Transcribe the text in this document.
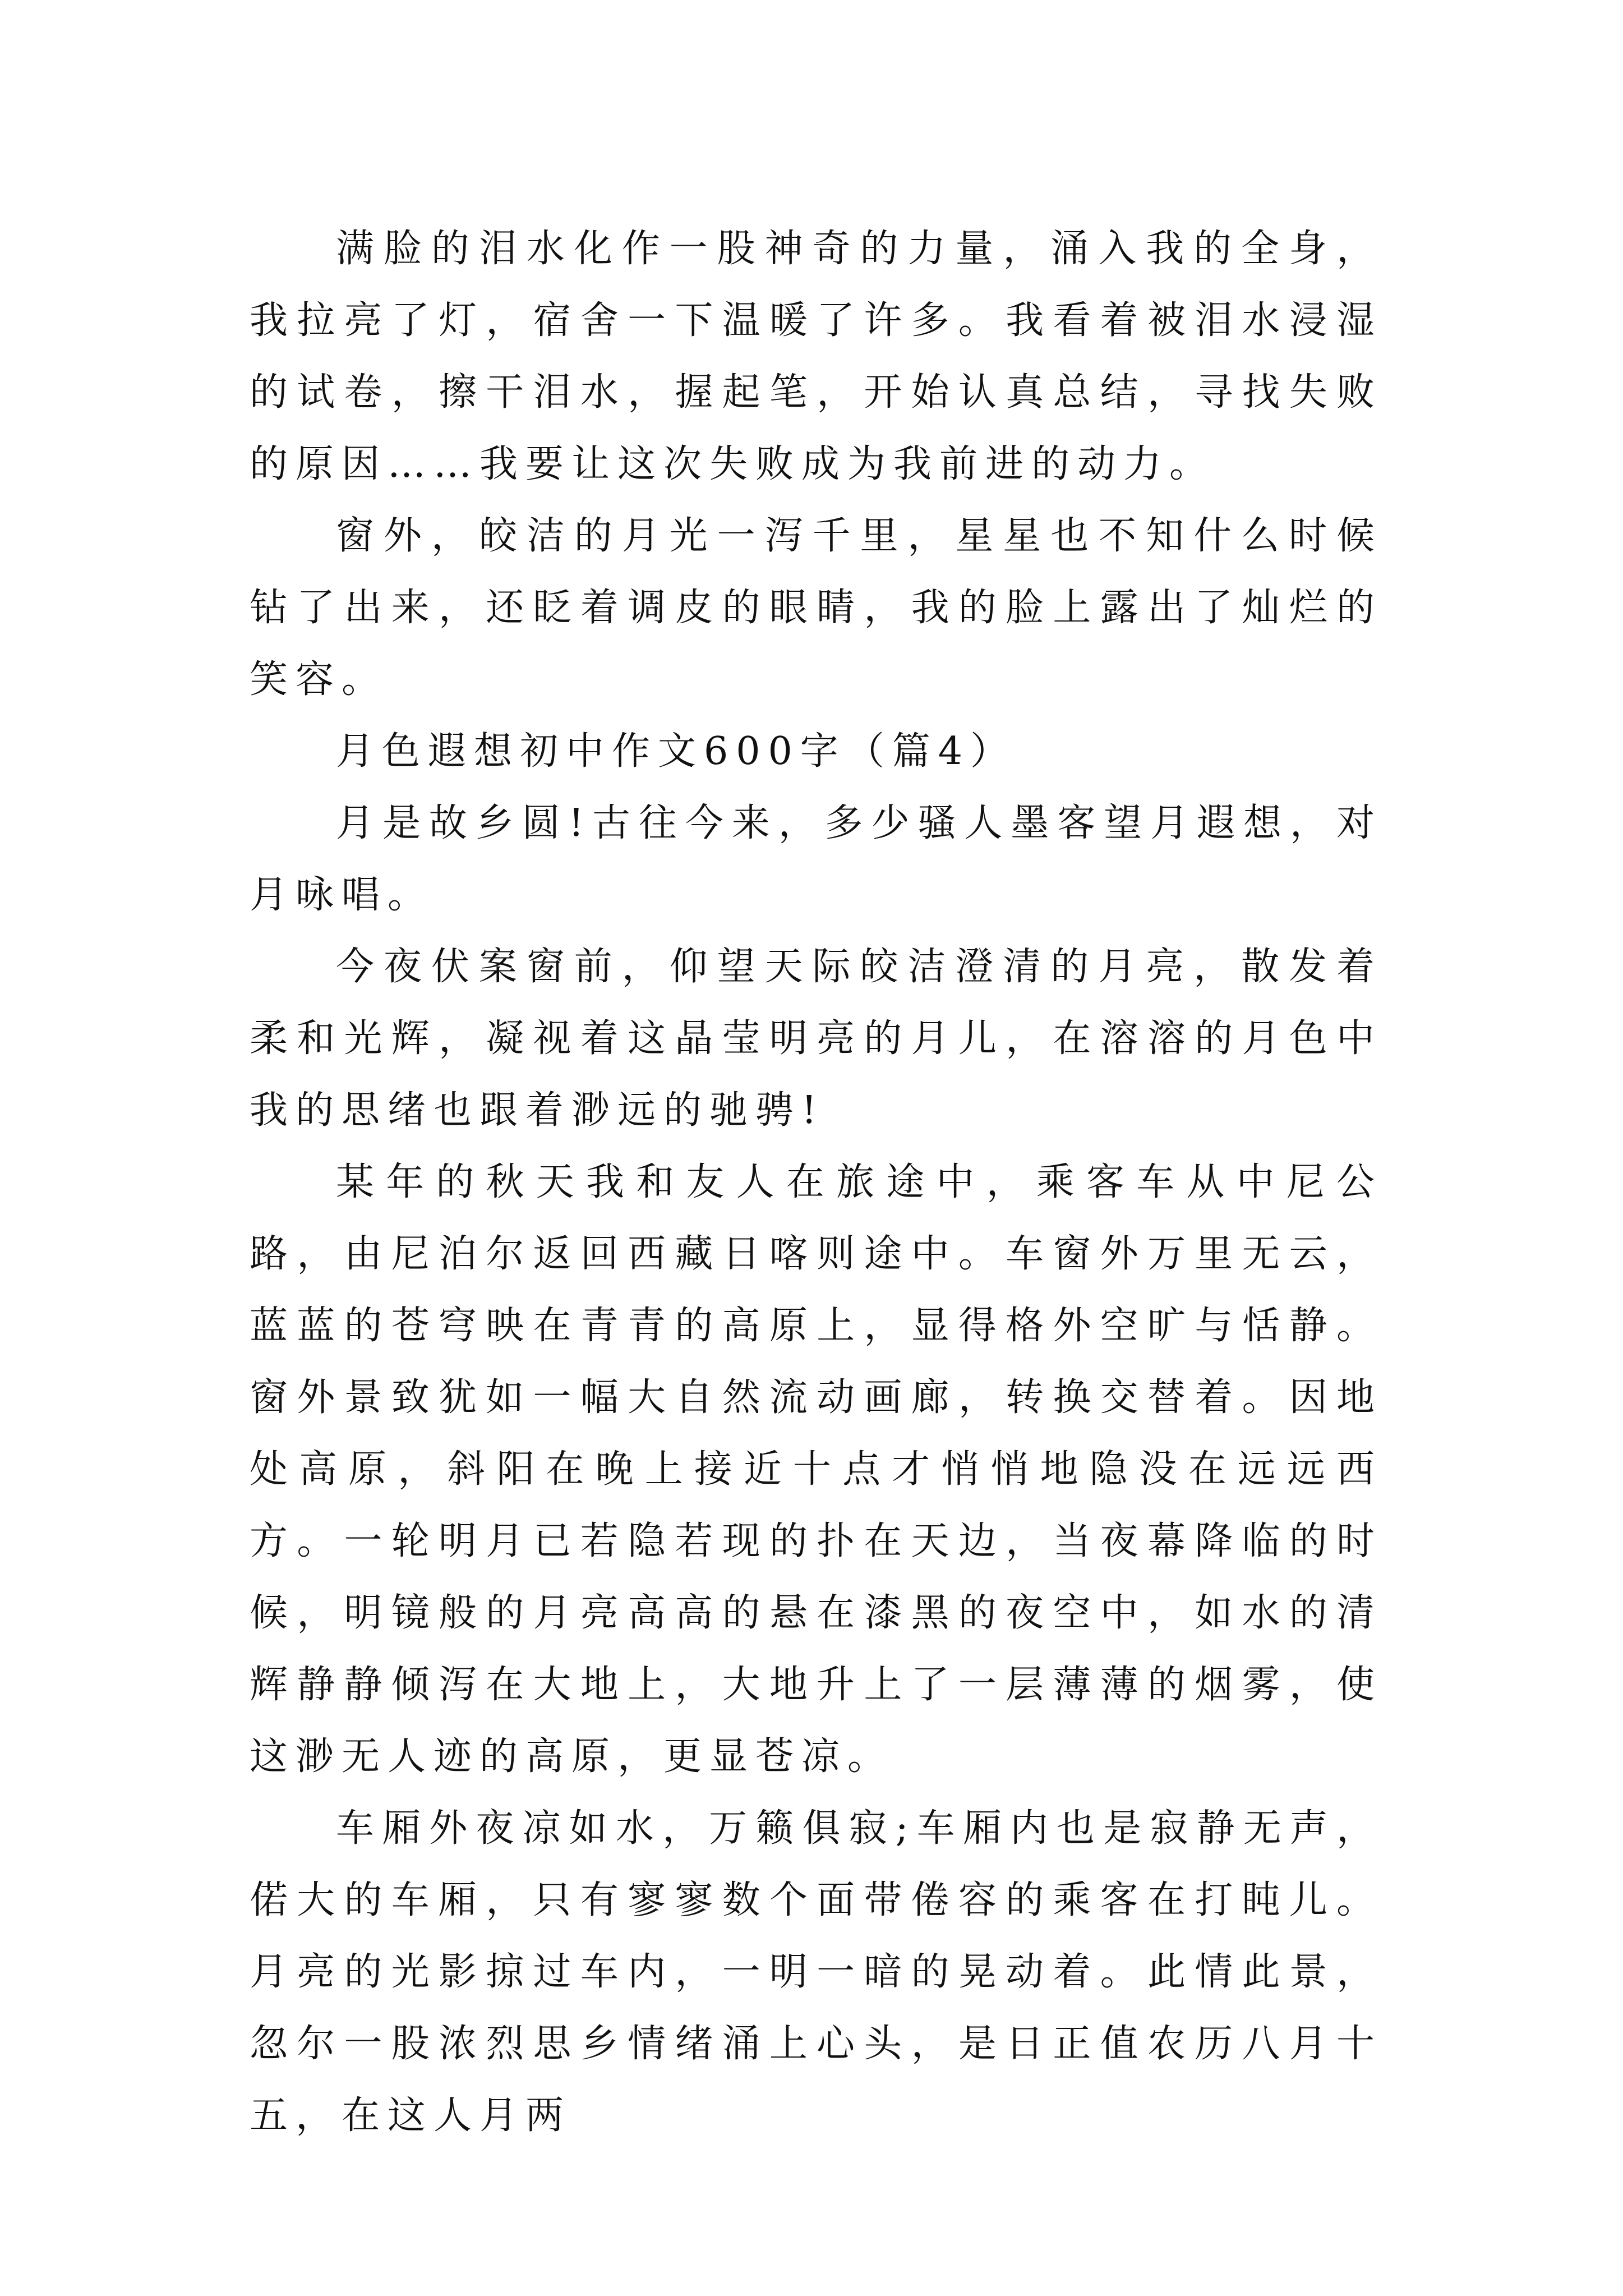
满脸的泪水化作一股神奇的力量，涌入我的全身，我拉亮了灯，宿舍一下温暖了许多。我看着被泪水浸湿的试卷，擦干泪水，握起笔，开始认真总结，寻找失败的原因……我要让这次失败成为我前进的动力。

窗外，皎洁的月光一泻千里，星星也不知什么时候钻了出来，还眨着调皮的眼睛，我的脸上露出了灿烂的笑容。

月色遐想初中作文600字（篇4）

月是故乡圆!古往今来，多少骚人墨客望月遐想，对月咏唱。

今夜伏案窗前，仰望天际皎洁澄清的月亮，散发着柔和光辉，凝视着这晶莹明亮的月儿，在溶溶的月色中我的思绪也跟着渺远的驰骋!

某年的秋天我和友人在旅途中，乘客车从中尼公路，由尼泊尔返回西藏日喀则途中。车窗外万里无云，蓝蓝的苍穹映在青青的高原上，显得格外空旷与恬静。窗外景致犹如一幅大自然流动画廊，转换交替着。因地处高原，斜阳在晚上接近十点才悄悄地隐没在远远西方。一轮明月已若隐若现的扑在天边，当夜幕降临的时候，明镜般的月亮高高的悬在漆黑的夜空中，如水的清辉静静倾泻在大地上，大地升上了一层薄薄的烟雾，使这渺无人迹的高原，更显苍凉。

车厢外夜凉如水，万籁俱寂;车厢内也是寂静无声，偌大的车厢，只有寥寥数个面带倦容的乘客在打盹儿。月亮的光影掠过车内，一明一暗的晃动着。此情此景，忽尔一股浓烈思乡情绪涌上心头，是日正值农历八月十五，在这人月两
